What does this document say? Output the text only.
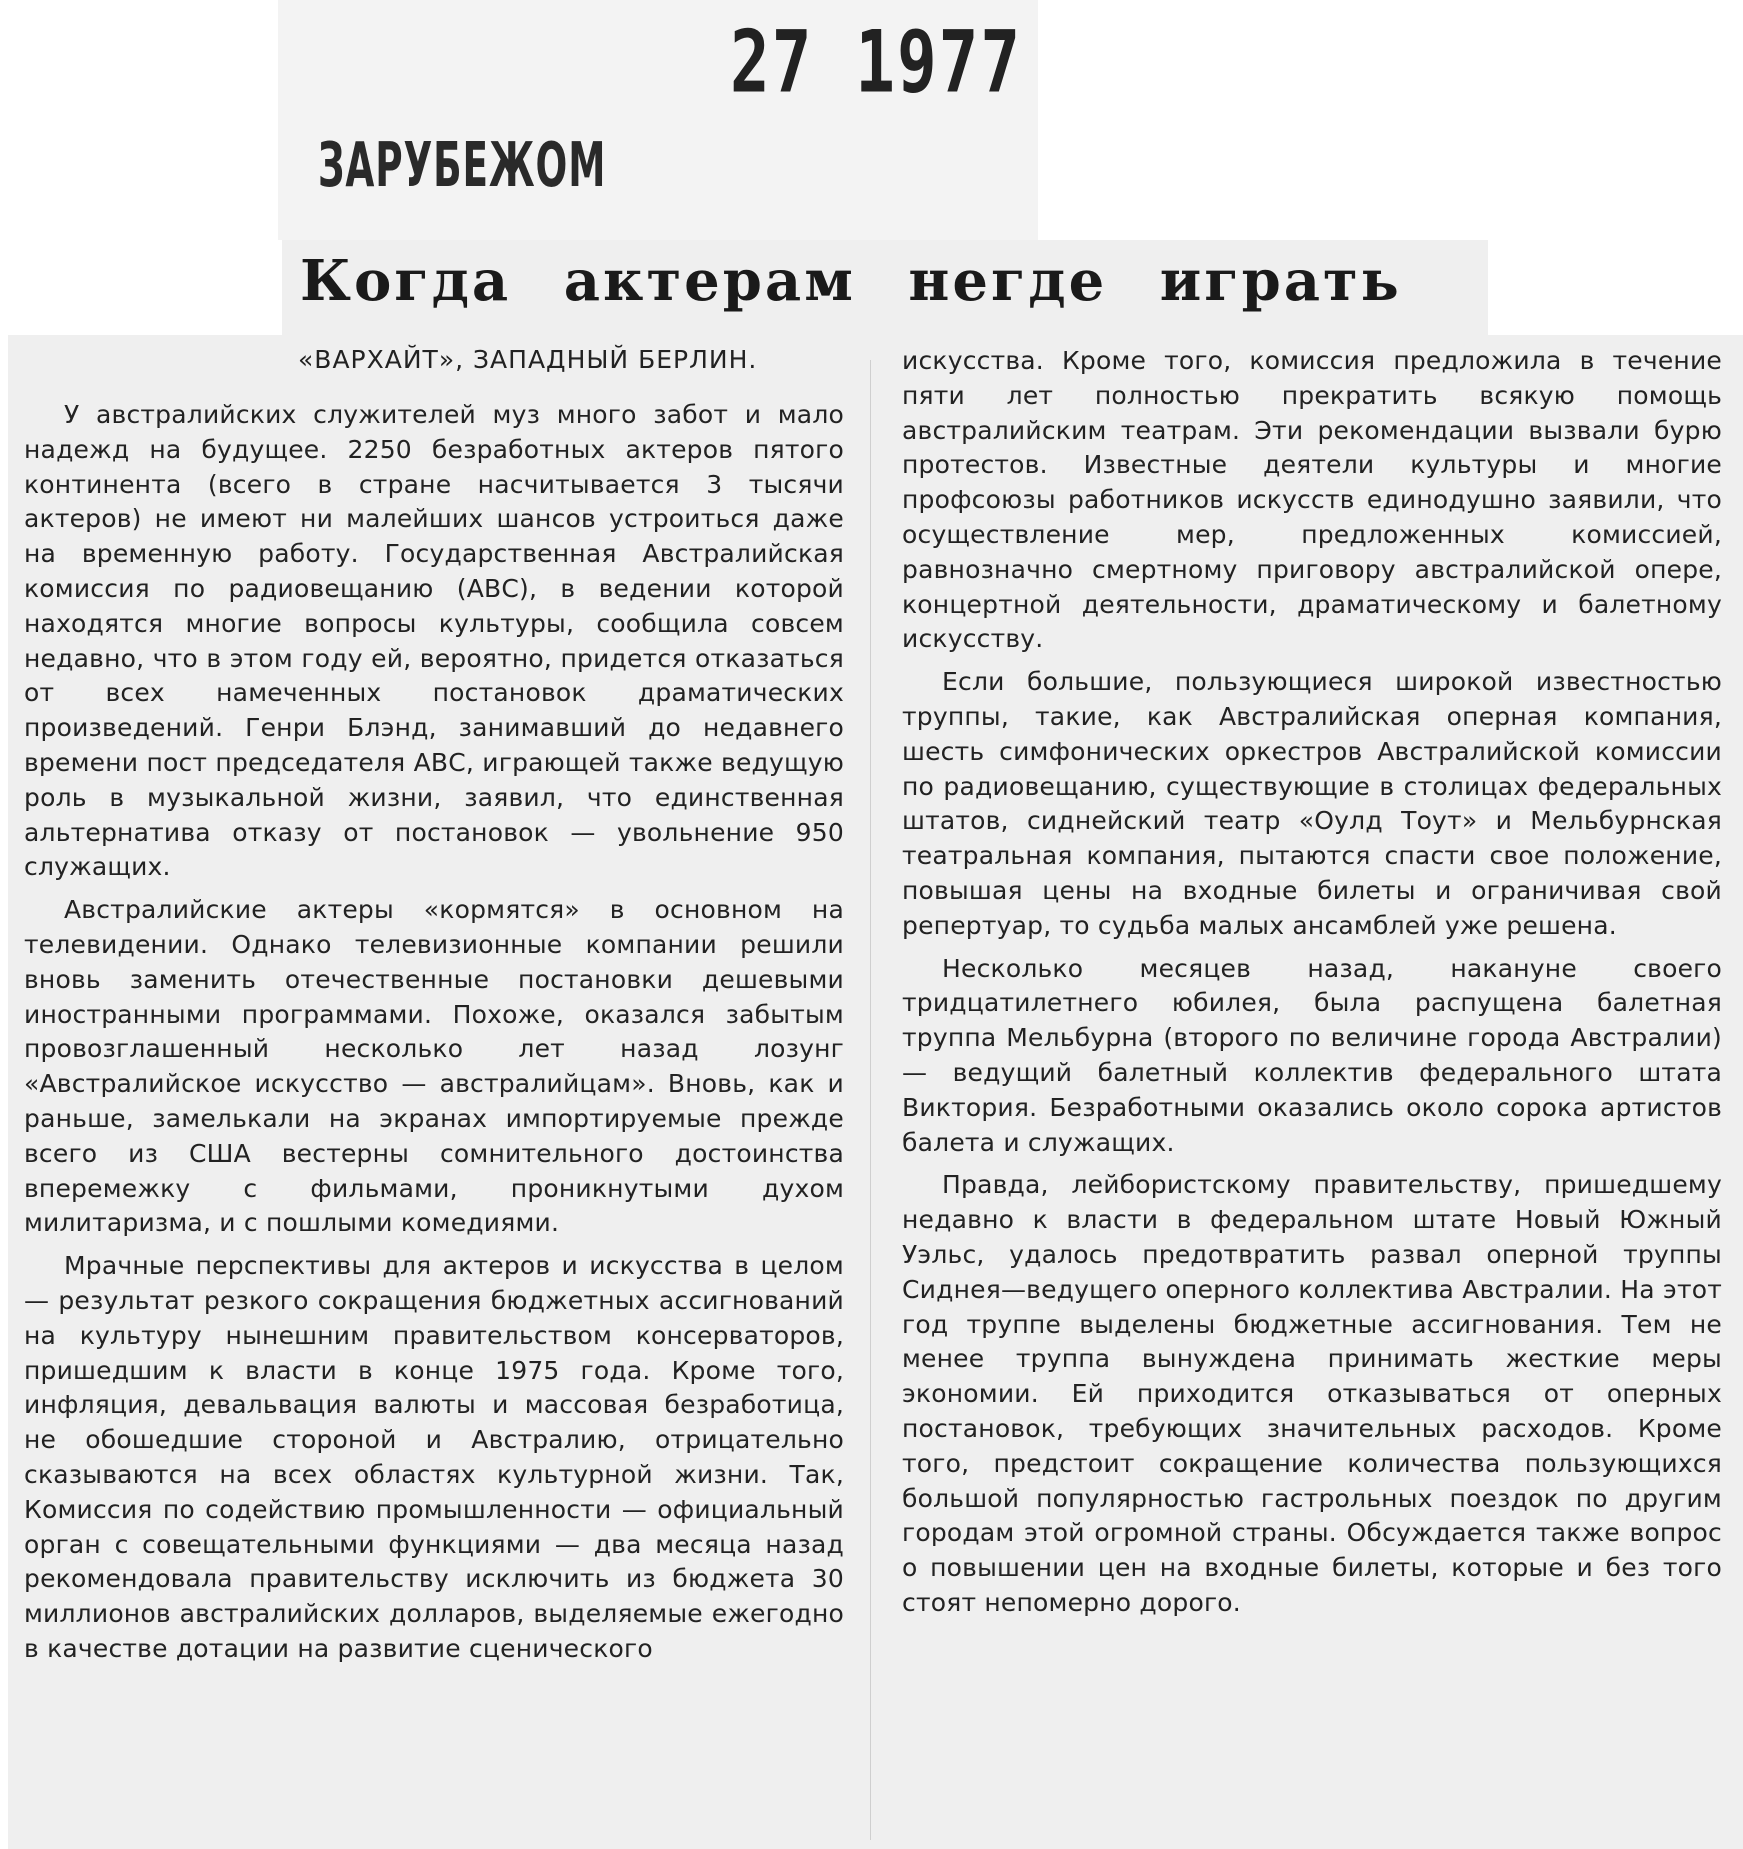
27 1977
ЗАРУБЕЖОМ
Когда актерам негде играть
«ВАРХАЙТ», ЗАПАДНЫЙ БЕРЛИН.

У австралийских служителей муз много забот и мало надежд на будущее. 2250 безработных актеров пятого континента (всего в стране насчитывается 3 тысячи актеров) не имеют ни малейших шансов устроиться даже на временную работу. Государственная Австралийская комиссия по радиовещанию (АВС), в ведении которой находятся многие вопросы культуры, сообщила совсем недавно, что в этом году ей, вероятно, придется отказаться от всех намеченных постановок драматических произведений. Генри Блэнд, занимавший до недавнего времени пост председателя АВС, играющей также ведущую роль в музыкальной жизни, заявил, что единственная альтернатива отказу от постановок — увольнение 950 служащих.

Австралийские актеры «кормятся» в основном на телевидении. Однако телевизионные компании решили вновь заменить отечественные постановки дешевыми иностранными программами. Похоже, оказался забытым провозглашенный несколько лет назад лозунг «Австралийское искусство — австралийцам». Вновь, как и раньше, замелькали на экранах импортируемые прежде всего из США вестерны сомнительного достоинства вперемежку с фильмами, проникнутыми духом милитаризма, и с пошлыми комедиями.

Мрачные перспективы для актеров и искусства в целом — результат резкого сокращения бюджетных ассигнований на культуру нынешним правительством консерваторов, пришедшим к власти в конце 1975 года. Кроме того, инфляция, девальвация валюты и массовая безработица, не обошедшие стороной и Австралию, отрицательно сказываются на всех областях культурной жизни. Так, Комиссия по содействию промышленности — официальный орган с совещательными функциями — два месяца назад рекомендовала правительству исключить из бюджета 30 миллионов австралийских долларов, выделяемые ежегодно в качестве дотации на развитие сценического

искусства. Кроме того, комиссия предложила в течение пяти лет полностью прекратить всякую помощь австралийским театрам. Эти рекомендации вызвали бурю протестов. Известные деятели культуры и многие профсоюзы работников искусств единодушно заявили, что осуществление мер, предложенных комиссией, равнозначно смертному приговору австралийской опере, концертной деятельности, драматическому и балетному искусству.

Если большие, пользующиеся широкой известностью труппы, такие, как Австралийская оперная компания, шесть симфонических оркестров Австралийской комиссии по радиовещанию, существующие в столицах федеральных штатов, сиднейский театр «Оулд Тоут» и Мельбурнская театральная компания, пытаются спасти свое положение, повышая цены на входные билеты и ограничивая свой репертуар, то судьба малых ансамблей уже решена.

Несколько месяцев назад, накануне своего тридцатилетнего юбилея, была распущена балетная труппа Мельбурна (второго по величине города Австралии) — ведущий балетный коллектив федерального штата Виктория. Безработными оказались около сорока артистов балета и служащих.

Правда, лейбористскому правительству, пришедшему недавно к власти в федеральном штате Новый Южный Уэльс, удалось предотвратить развал оперной труппы Сиднея—ведущего оперного коллектива Австралии. На этот год труппе выделены бюджетные ассигнования. Тем не менее труппа вынуждена принимать жесткие меры экономии. Ей приходится отказываться от оперных постановок, требующих значительных расходов. Кроме того, предстоит сокращение количества пользующихся большой популярностью гастрольных поездок по другим городам этой огромной страны. Обсуждается также вопрос о повышении цен на входные билеты, которые и без того стоят непомерно дорого.
